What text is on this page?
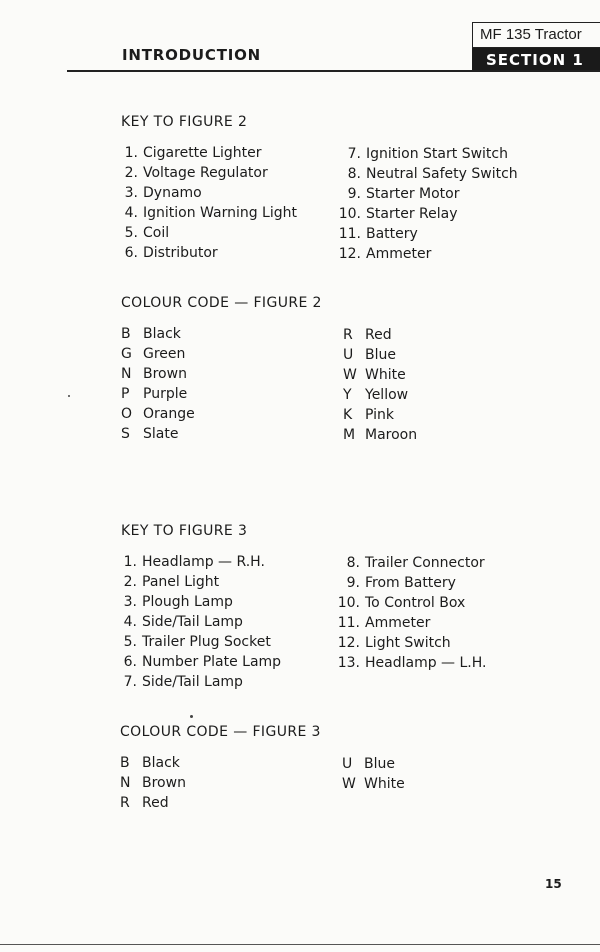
INTRODUCTION
MF 135 Tractor
SECTION 1
KEY TO FIGURE 2
1. Cigarette Lighter
2. Voltage Regulator
3. Dynamo
4. Ignition Warning Light
5. Coil
6. Distributor
7. Ignition Start Switch
8. Neutral Safety Switch
9. Starter Motor
10. Starter Relay
11. Battery
12. Ammeter
COLOUR CODE — FIGURE 2
B Black
G Green
N Brown
P Purple
O Orange
S Slate
R Red
U Blue
W White
Y Yellow
K Pink
M Maroon
KEY TO FIGURE 3
1. Headlamp — R.H.
2. Panel Light
3. Plough Lamp
4. Side/Tail Lamp
5. Trailer Plug Socket
6. Number Plate Lamp
7. Side/Tail Lamp
8. Trailer Connector
9. From Battery
10. To Control Box
11. Ammeter
12. Light Switch
13. Headlamp — L.H.
COLOUR CODE — FIGURE 3
B Black
N Brown
R Red
U Blue
W White
15
